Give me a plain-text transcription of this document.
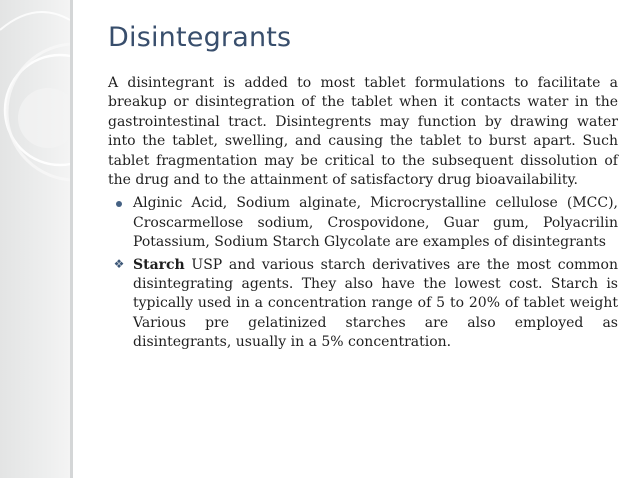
Disintegrants

A disintegrant is added to most tablet formulations to facilitate a breakup or disintegration of the tablet when it contacts water in the gastrointestinal tract. Disintegrents may function by drawing water into the tablet, swelling, and causing the tablet to burst apart. Such tablet fragmentation may be critical to the subsequent dissolution of the drug and to the attainment of satisfactory drug bioavailability.

Alginic Acid, Sodium alginate, Microcrystalline cellulose (MCC), Croscarmellose sodium, Crospovidone, Guar gum, Polyacrilin Potassium, Sodium Starch Glycolate are examples of disintegrants
❖ Starch USP and various starch derivatives are the most common disintegrating agents. They also have the lowest cost. Starch is typically used in a concentration range of 5 to 20% of tablet weight Various pre gelatinized starches are also employed as disintegrants, usually in a 5% concentration.
